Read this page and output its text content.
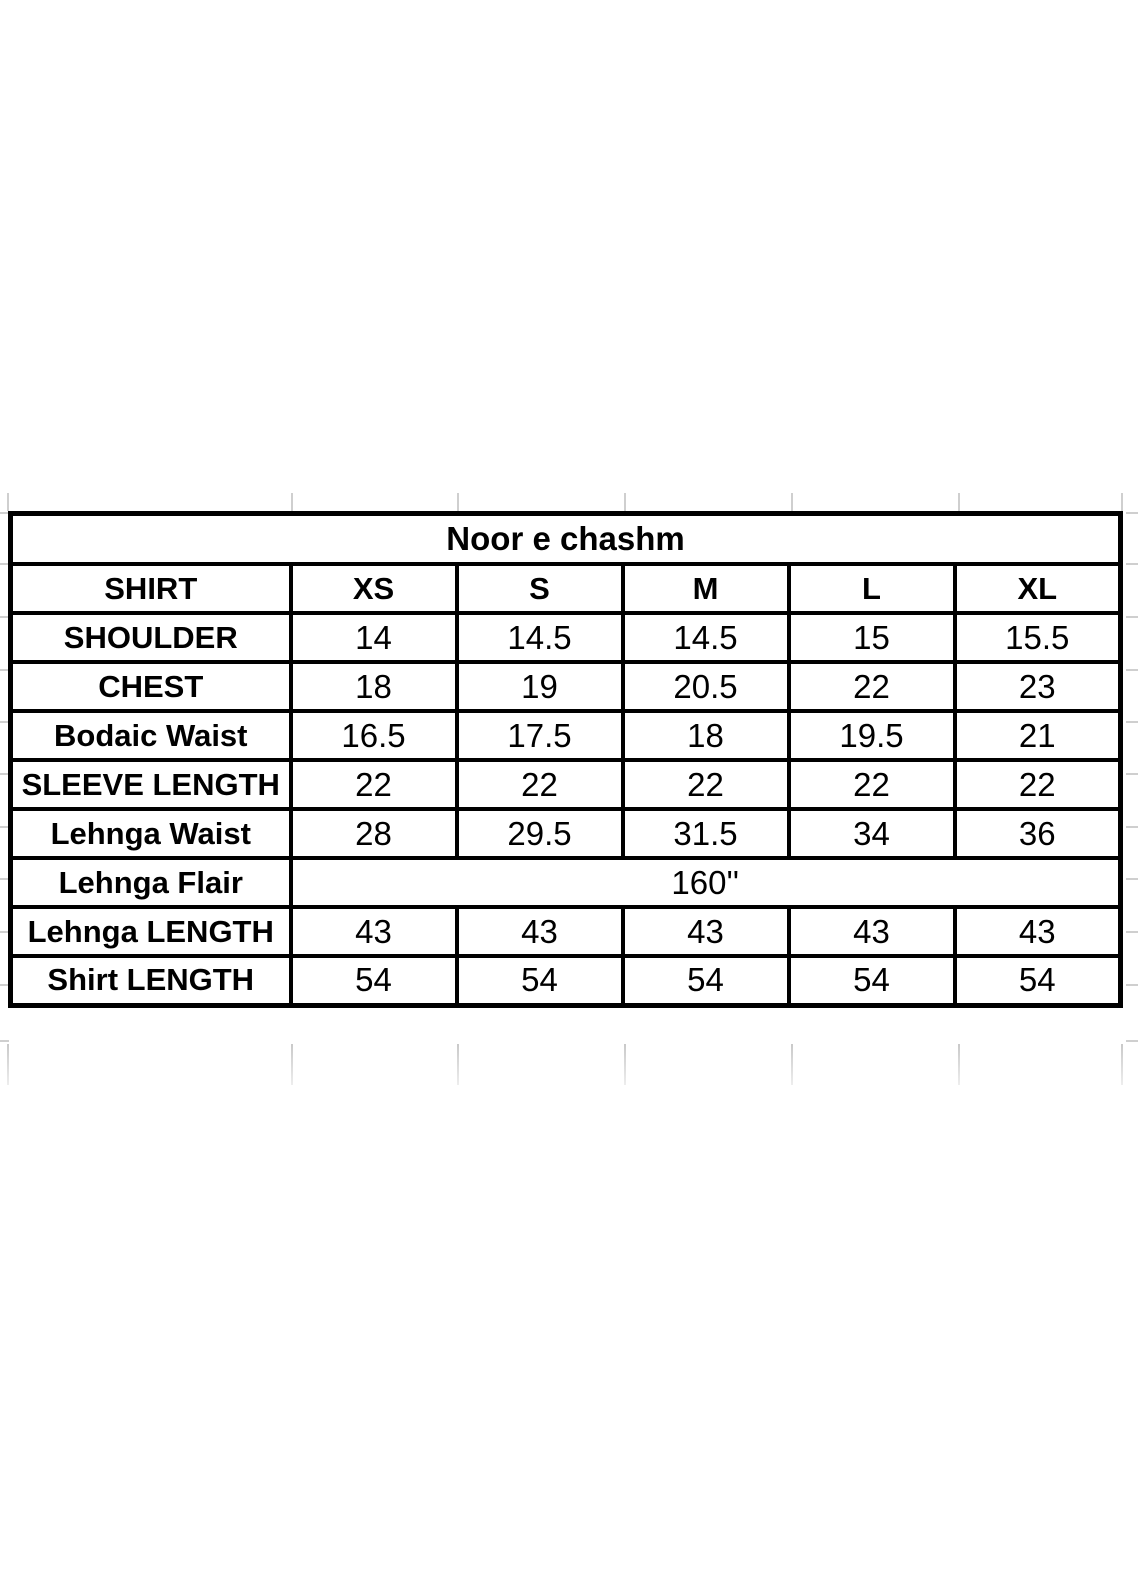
Noor e chashm					
SHIRT	XS	S	M	L	XL
SHOULDER	14	14.5	14.5	15	15.5
CHEST	18	19	20.5	22	23
Bodaic Waist	16.5	17.5	18	19.5	21
SLEEVE LENGTH	22	22	22	22	22
Lehnga Waist	28	29.5	31.5	34	36
Lehnga Flair	160''				
Lehnga LENGTH	43	43	43	43	43
Shirt LENGTH	54	54	54	54	54
